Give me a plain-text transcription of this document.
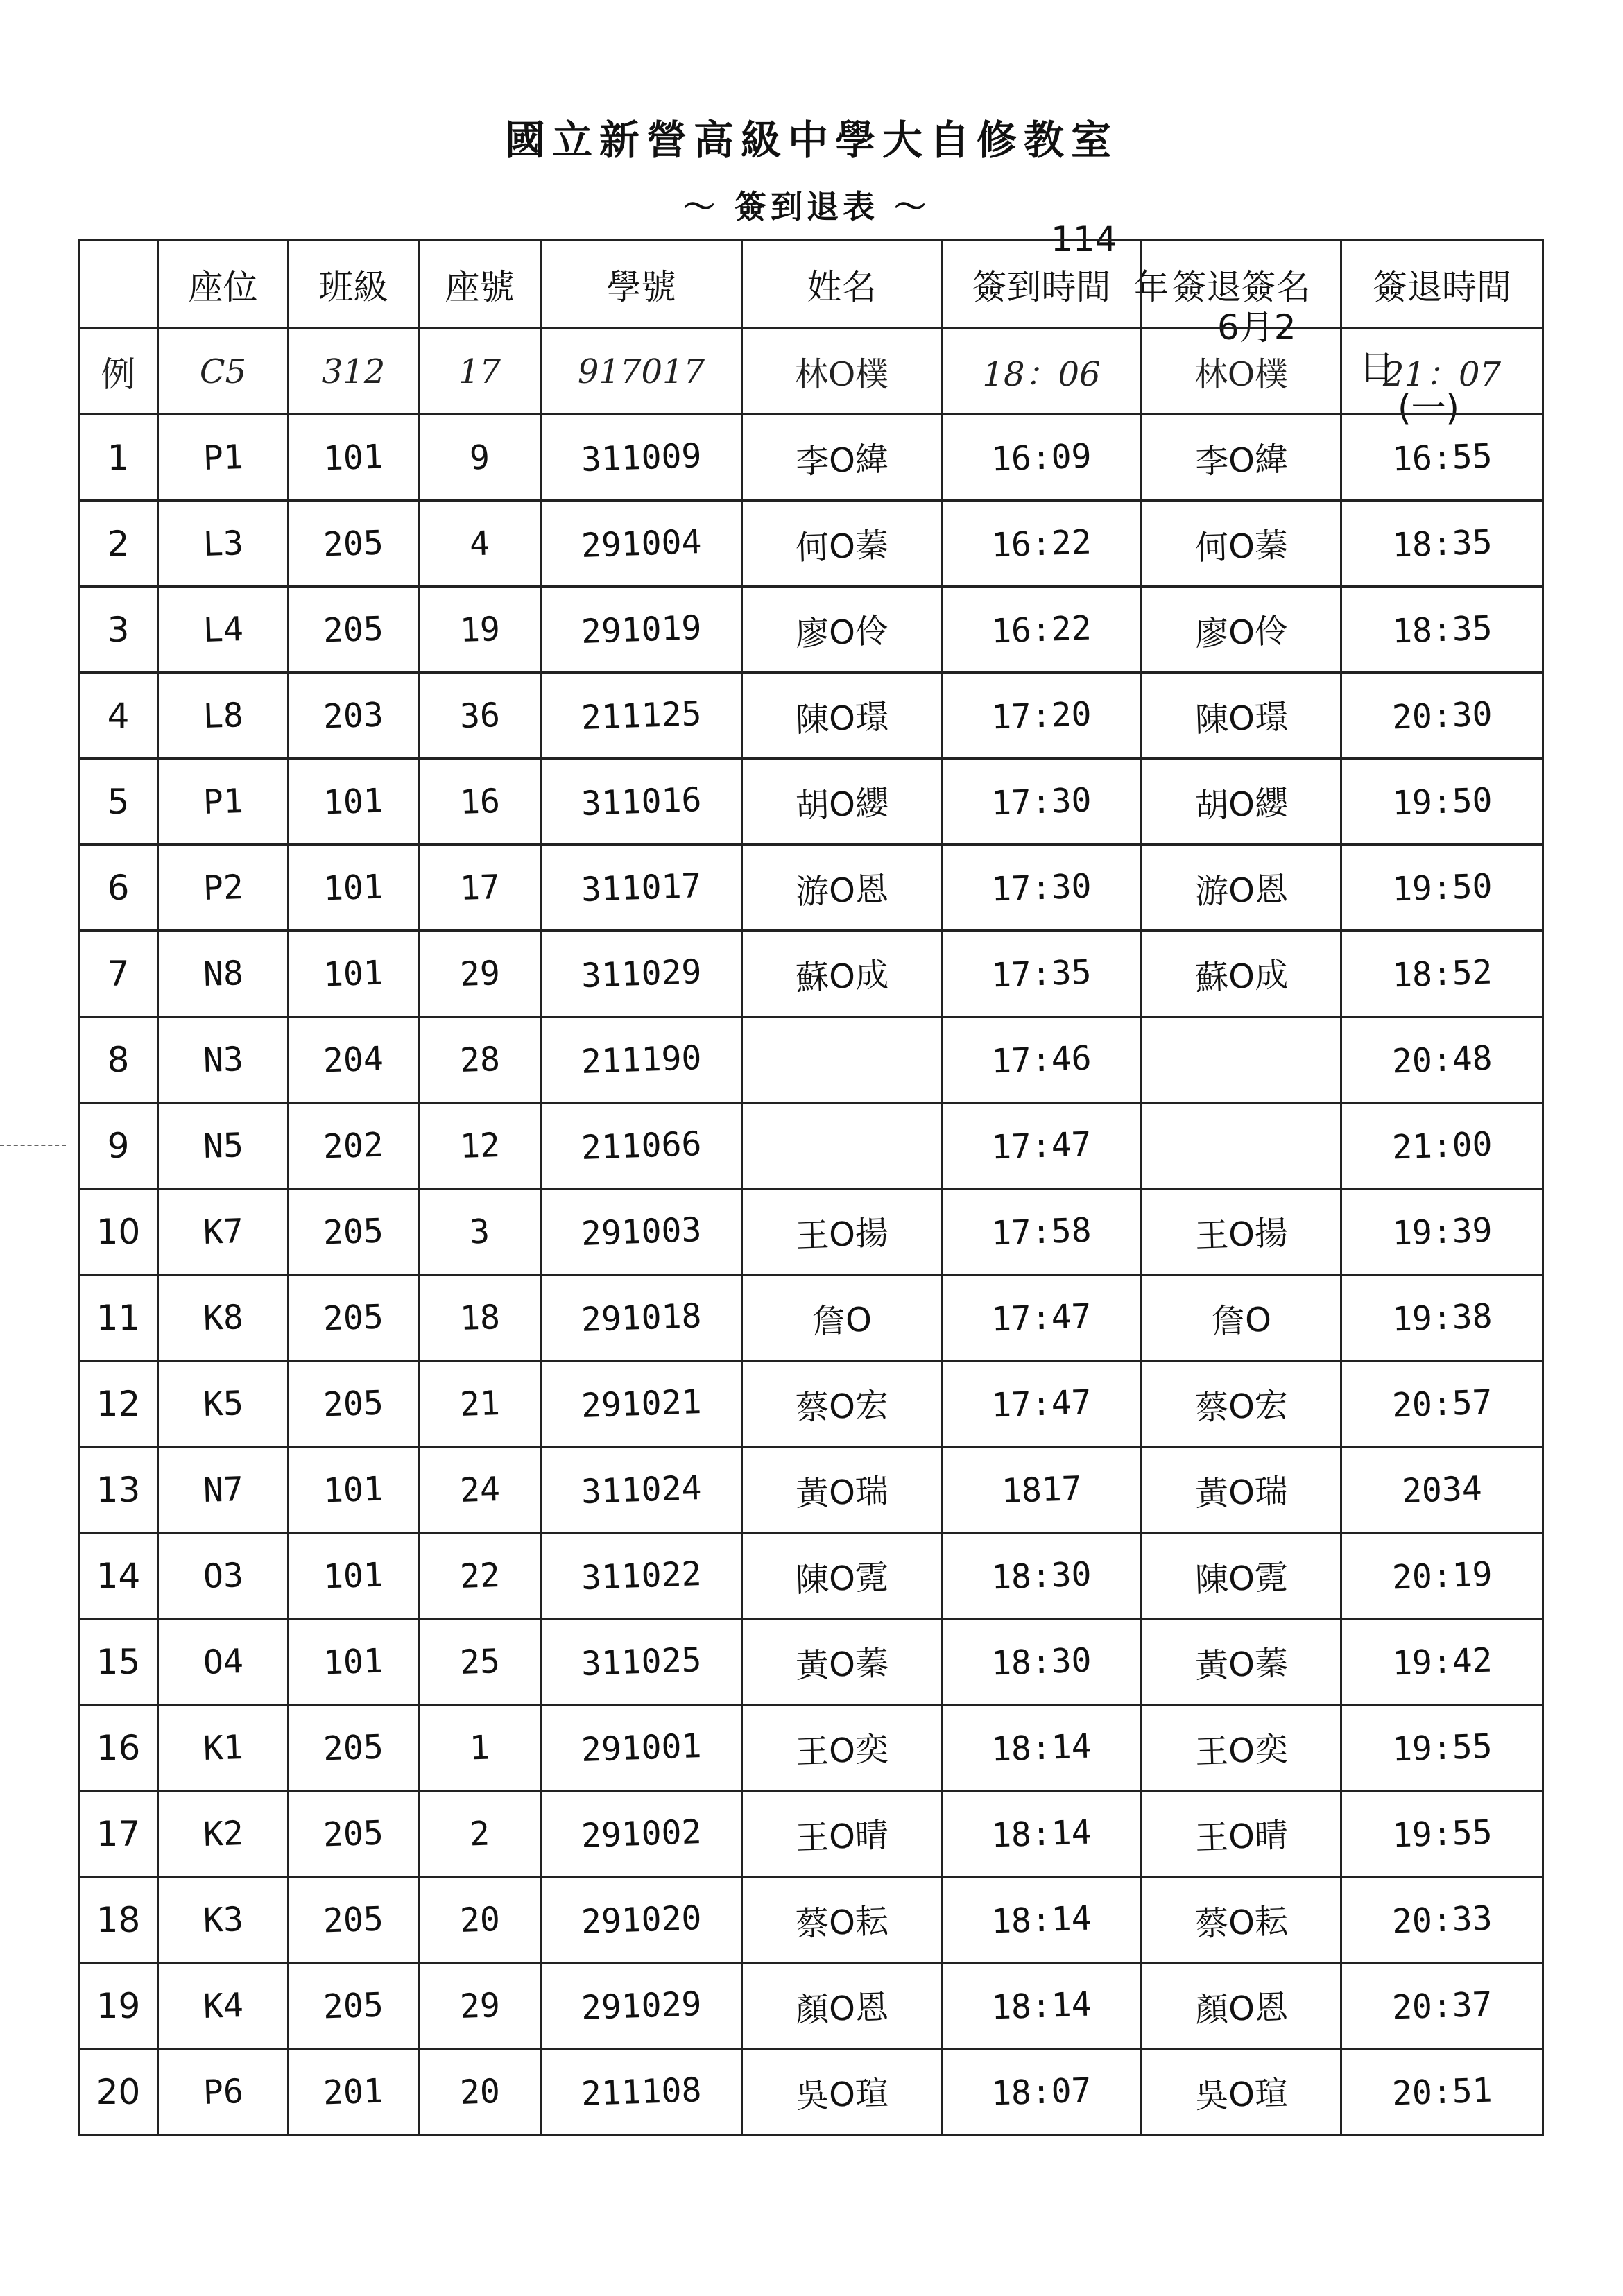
國立新營高級中學大自修教室
～ 簽到退表 ～

114

年

6月2

日

(一)

	座位	班級	座號	學號	姓名	簽到時間	簽退簽名	簽退時間
例	C5	312	17	917017	林O樸	18：06	林O樸	21：07
1	P1	101	9	311009	李O緯	16:09	李O緯	16:55
2	L3	205	4	291004	何O蓁	16:22	何O蓁	18:35
3	L4	205	19	291019	廖O伶	16:22	廖O伶	18:35
4	L8	203	36	211125	陳O璟	17:20	陳O璟	20:30
5	P1	101	16	311016	胡O纓	17:30	胡O纓	19:50
6	P2	101	17	311017	游O恩	17:30	游O恩	19:50
7	N8	101	29	311029	蘇O成	17:35	蘇O成	18:52
8	N3	204	28	211190		17:46		20:48
9	N5	202	12	211066		17:47		21:00
10	K7	205	3	291003	王O揚	17:58	王O揚	19:39
11	K8	205	18	291018	詹O	17:47	詹O	19:38
12	K5	205	21	291021	蔡O宏	17:47	蔡O宏	20:57
13	N7	101	24	311024	黃O瑞	1817	黃O瑞	2034
14	O3	101	22	311022	陳O霓	18:30	陳O霓	20:19
15	O4	101	25	311025	黃O蓁	18:30	黃O蓁	19:42
16	K1	205	1	291001	王O奕	18:14	王O奕	19:55
17	K2	205	2	291002	王O晴	18:14	王O晴	19:55
18	K3	205	20	291020	蔡O耘	18:14	蔡O耘	20:33
19	K4	205	29	291029	顏O恩	18:14	顏O恩	20:37
20	P6	201	20	211108	吳O瑄	18:07	吳O瑄	20:51
